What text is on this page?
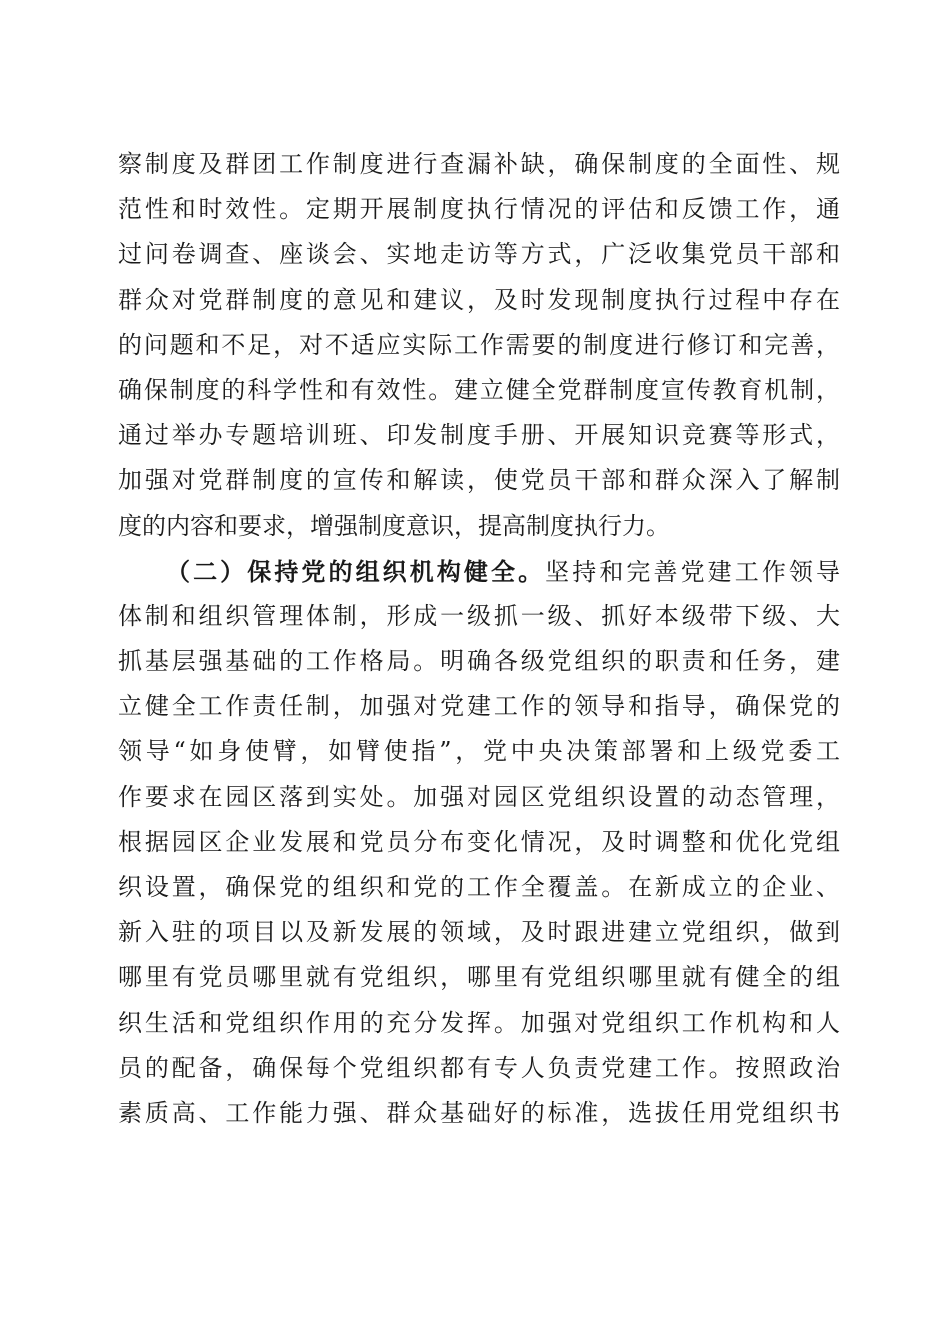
察制度及群团工作制度进行查漏补缺，确保制度的全面性、规
范性和时效性。定期开展制度执行情况的评估和反馈工作，通
过问卷调查、座谈会、实地走访等方式，广泛收集党员干部和
群众对党群制度的意见和建议，及时发现制度执行过程中存在
的问题和不足，对不适应实际工作需要的制度进行修订和完善，
确保制度的科学性和有效性。建立健全党群制度宣传教育机制，
通过举办专题培训班、印发制度手册、开展知识竞赛等形式，
加强对党群制度的宣传和解读，使党员干部和群众深入了解制
度的内容和要求，增强制度意识，提高制度执行力。
（二）保持党的组织机构健全。坚持和完善党建工作领导
体制和组织管理体制，形成一级抓一级、抓好本级带下级、大
抓基层强基础的工作格局。明确各级党组织的职责和任务，建
立健全工作责任制，加强对党建工作的领导和指导，确保党的
领导“如身使臂，如臂使指”，党中央决策部署和上级党委工
作要求在园区落到实处。加强对园区党组织设置的动态管理，
根据园区企业发展和党员分布变化情况，及时调整和优化党组
织设置，确保党的组织和党的工作全覆盖。在新成立的企业、
新入驻的项目以及新发展的领域，及时跟进建立党组织，做到
哪里有党员哪里就有党组织，哪里有党组织哪里就有健全的组
织生活和党组织作用的充分发挥。加强对党组织工作机构和人
员的配备，确保每个党组织都有专人负责党建工作。按照政治
素质高、工作能力强、群众基础好的标准，选拔任用党组织书
